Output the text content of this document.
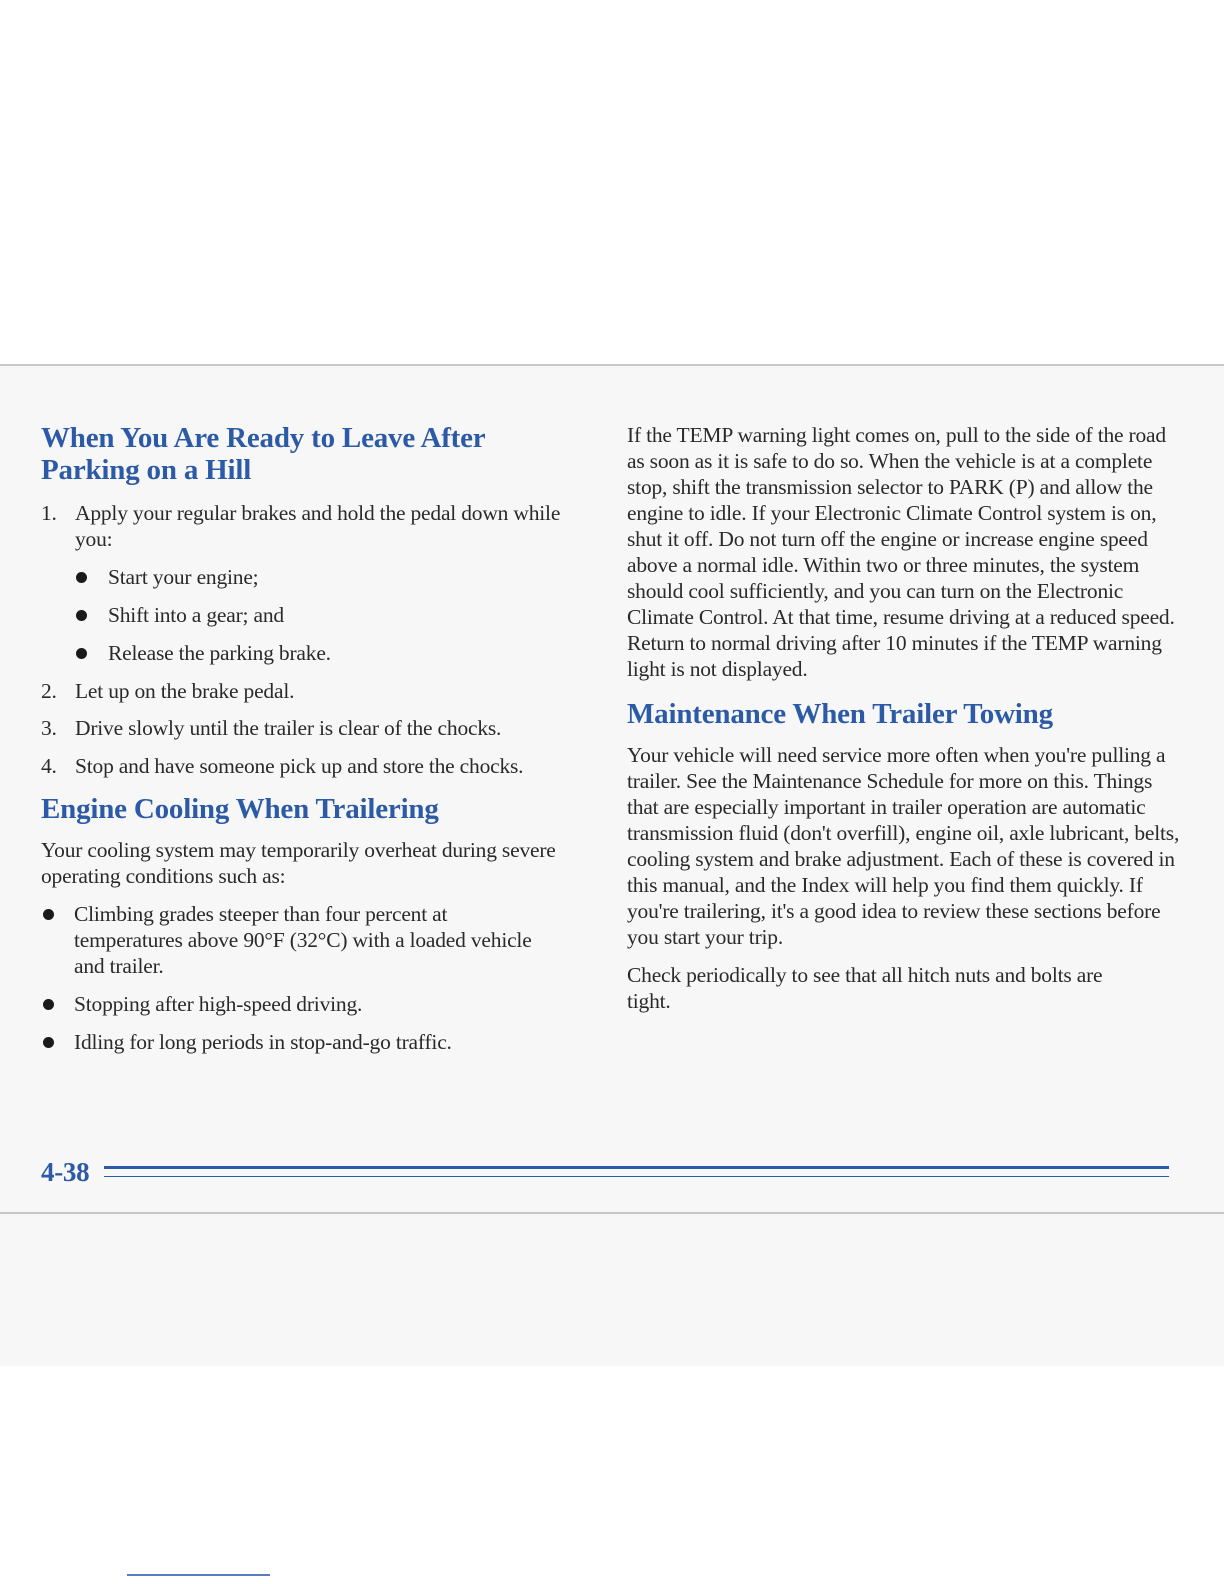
When You Are Ready to Leave After Parking on a Hill
1. Apply your regular brakes and hold the pedal down while you:
Start your engine;
Shift into a gear; and
Release the parking brake.
2. Let up on the brake pedal.
3. Drive slowly until the trailer is clear of the chocks.
4. Stop and have someone pick up and store the chocks.
Engine Cooling When Trailering

Your cooling system may temporarily overheat during severe operating conditions such as:

Climbing grades steeper than four percent at temperatures above 90°F (32°C) with a loaded vehicle and trailer.
Stopping after high-speed driving.
Idling for long periods in stop-and-go traffic.

If the TEMP warning light comes on, pull to the side of the road as soon as it is safe to do so. When the vehicle is at a complete stop, shift the transmission selector to PARK (P) and allow the engine to idle. If your Electronic Climate Control system is on, shut it off. Do not turn off the engine or increase engine speed above a normal idle. Within two or three minutes, the system should cool sufficiently, and you can turn on the Electronic Climate Control. At that time, resume driving at a reduced speed. Return to normal driving after 10 minutes if the TEMP warning light is not displayed.

Maintenance When Trailer Towing

Your vehicle will need service more often when you're pulling a trailer. See the Maintenance Schedule for more on this. Things that are especially important in trailer operation are automatic transmission fluid (don't overfill), engine oil, axle lubricant, belts, cooling system and brake adjustment. Each of these is covered in this manual, and the Index will help you find them quickly. If you're trailering, it's a good idea to review these sections before you start your trip.

Check periodically to see that all hitch nuts and bolts are tight.

4-38
